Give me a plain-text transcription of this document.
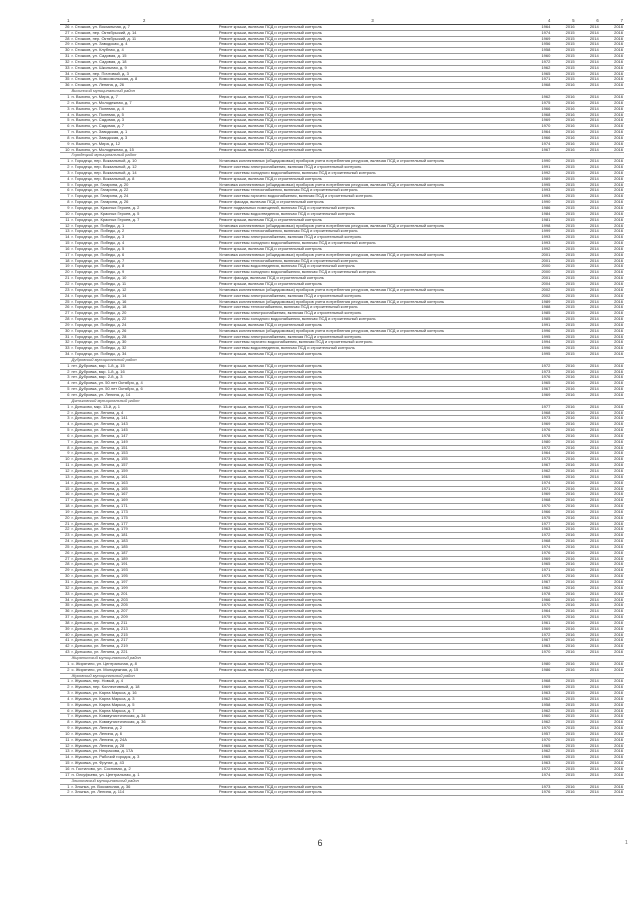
1	2	3	4	5	6	7
26	г. Стожков, ул. Вокзальная, д. 7	Ремонт крыши, включая ПСД и строительный контроль	1964	2016	2014	2016
27	г. Стожков, пер. Октябрьский, д. 14	Ремонт крыши, включая ПСД и строительный контроль	1974	2015	2014	2016
28	г. Стожков, пер. Октябрьский, д. 11	Ремонт крыши, включая ПСД и строительный контроль	1969	2015	2014	2016
29	г. Стожков, ул. Заводская, д. 4	Ремонт крыши, включая ПСД и строительный контроль	1956	2015	2014	2016
30	г. Стожков, ул. Клубная, д. 4	Ремонт крыши, включая ПСД и строительный контроль	1958	2015	2014	2016
31	г. Стожков, ул. Садовая, д. 15	Ремонт крыши, включая ПСД и строительный контроль	1960	2015	2014	2016
32	г. Стожков, ул. Садовая, д. 18	Ремонт крыши, включая ПСД и строительный контроль	1972	2015	2014	2016
33	г. Стожков, ул. Школьная, д. 9	Ремонт крыши, включая ПСД и строительный контроль	1962	2015	2014	2016
34	г. Стожков, пер. Почтовый, д. 3	Ремонт крыши, включая ПСД и строительный контроль	1965	2015	2014	2016
35	г. Стожков, ул. Комсомольская, д. 8	Ремонт крыши, включая ПСД и строительный контроль	1971	2015	2014	2016
36	г. Стожков, ул. Ленина, д. 26	Ремонт крыши, включая ПСД и строительный контроль	1968	2016	2014	2016
	Выхинский муниципальный район					
1	п. Выхино, ул. Мира, д. 7	Ремонт крыши, включая ПСД и строительный контроль	1962	2016	2014	2016
2	п. Выхино, ул. Молодежная, д. 7	Ремонт крыши, включая ПСД и строительный контроль	1975	2016	2014	2016
3	п. Выхино, ул. Полевая, д. 4	Ремонт крыши, включая ПСД и строительный контроль	1966	2016	2014	2016
4	п. Выхино, ул. Полевая, д. 5	Ремонт крыши, включая ПСД и строительный контроль	1968	2016	2014	2016
5	п. Выхино, ул. Садовая, д. 3	Ремонт крыши, включая ПСД и строительный контроль	1969	2016	2014	2016
6	п. Выхино, ул. Садовая, д. 7	Ремонт крыши, включая ПСД и строительный контроль	1970	2016	2014	2016
7	п. Выхино, ул. Заводская, д. 1	Ремонт крыши, включая ПСД и строительный контроль	1964	2016	2014	2016
8	п. Выхино, ул. Заводская, д. 3	Ремонт крыши, включая ПСД и строительный контроль	1966	2016	2014	2016
9	п. Выхино, ул. Мира, д. 12	Ремонт крыши, включая ПСД и строительный контроль	1974	2016	2014	2016
10	п. Выхино, ул. Молодежная, д. 15	Ремонт крыши, включая ПСД и строительный контроль	1967	2016	2014	2016
	Городецкий муниципальный район					
1	г. Городецк, пер. Вокзальный, д. 10	Установка коллективных (общедомовых) приборов учета потребления ресурсов, включая ПСД и строительный контроль	1990	2015	2014	2016
2	г. Городецк, пер. Вокзальный, д. 12	Ремонт системы электроснабжения, включая ПСД и строительный контроль	1991	2015	2014	2016
3	г. Городецк, пер. Вокзальный, д. 14	Ремонт системы холодного водоснабжения, включая ПСД и строительный контроль	1992	2015	2014	2016
4	г. Городецк, пер. Вокзальный, д. 8	Ремонт крыши, включая ПСД и строительный контроль	1989	2015	2014	2016
5	г. Городецк, ул. Гагарина, д. 20	Установка коллективных (общедомовых) приборов учета потребления ресурсов, включая ПСД и строительный контроль	1995	2015	2014	2016
6	г. Городецк, ул. Гагарина, д. 22	Ремонт системы теплоснабжения, включая ПСД и строительный контроль	1993	2015	2014	2016
7	г. Городецк, ул. Гагарина, д. 24	Ремонт системы горячего водоснабжения, включая ПСД и строительный контроль	1993	2015	2014	2016
8	г. Городецк, ул. Гагарина, д. 26	Ремонт фасада, включая ПСД и строительный контроль	1990	2015	2014	2016
9	г. Городецк, ул. Красных Героев, д. 2	Ремонт подвальных помещений, включая ПСД и строительный контроль	1986	2015	2014	2016
10	г. Городецк, ул. Красных Героев, д. 5	Ремонт системы водоотведения, включая ПСД и строительный контроль	1984	2015	2014	2016
11	г. Городецк, ул. Красных Героев, д. 7	Ремонт крыши, включая ПСД и строительный контроль	1981	2015	2014	2016
12	г. Городецк, ул. Победы, д. 1	Установка коллективных (общедомовых) приборов учета потребления ресурсов, включая ПСД и строительный контроль	1998	2015	2014	2016
13	г. Городецк, ул. Победы, д. 2	Ремонт системы теплоснабжения, включая ПСД и строительный контроль	1999	2015	2014	2016
14	г. Городецк, ул. Победы, д. 3	Ремонт системы электроснабжения, включая ПСД и строительный контроль	1993	2015	2014	2016
15	г. Городецк, ул. Победы, д. 4	Ремонт системы холодного водоснабжения, включая ПСД и строительный контроль	1993	2015	2014	2016
16	г. Городецк, ул. Победы, д. 5	Ремонт крыши, включая ПСД и строительный контроль	1992	2015	2014	2016
17	г. Городецк, ул. Победы, д. 6	Установка коллективных (общедомовых) приборов учета потребления ресурсов, включая ПСД и строительный контроль	2001	2015	2014	2016
18	г. Городецк, ул. Победы, д. 7	Ремонт системы теплоснабжения, включая ПСД и строительный контроль	2001	2015	2014	2016
19	г. Городецк, ул. Победы, д. 8	Ремонт системы водоотведения, включая ПСД и строительный контроль	2000	2015	2014	2016
20	г. Городецк, ул. Победы, д. 9	Ремонт системы холодного водоснабжения, включая ПСД и строительный контроль	2000	2015	2014	2016
21	г. Городецк, ул. Победы, д. 10	Ремонт фасада, включая ПСД и строительный контроль	2001	2015	2014	2016
22	г. Городецк, ул. Победы, д. 11	Ремонт крыши, включая ПСД и строительный контроль	2004	2015	2014	2016
23	г. Городецк, ул. Победы, д. 12	Установка коллективных (общедомовых) приборов учета потребления ресурсов, включая ПСД и строительный контроль	2002	2015	2014	2016
24	г. Городецк, ул. Победы, д. 14	Ремонт системы электроснабжения, включая ПСД и строительный контроль	2002	2015	2014	2016
25	г. Городецк, ул. Победы, д. 16	Установка коллективных (общедомовых) приборов учета потребления ресурсов, включая ПСД и строительный контроль	1989	2015	2014	2016
26	г. Городецк, ул. Победы, д. 18	Ремонт системы теплоснабжения, включая ПСД и строительный контроль	1988	2015	2014	2016
27	г. Городецк, ул. Победы, д. 20	Ремонт системы электроснабжения, включая ПСД и строительный контроль	1985	2015	2014	2016
28	г. Городецк, ул. Победы, д. 22	Ремонт системы холодного водоснабжения, включая ПСД и строительный контроль	1985	2015	2014	2016
29	г. Городецк, ул. Победы, д. 24	Ремонт крыши, включая ПСД и строительный контроль	1991	2015	2014	2016
30	г. Городецк, ул. Победы, д. 26	Установка коллективных (общедомовых) приборов учета потребления ресурсов, включая ПСД и строительный контроль	1996	2015	2014	2016
31	г. Городецк, ул. Победы, д. 28	Ремонт системы электроснабжения, включая ПСД и строительный контроль	1995	2015	2014	2016
32	г. Городецк, ул. Победы, д. 30	Ремонт системы горячего водоснабжения, включая ПСД и строительный контроль	1994	2015	2014	2016
33	г. Городецк, ул. Победы, д. 32	Ремонт системы водоотведения, включая ПСД и строительный контроль	1996	2015	2014	2016
34	г. Городецк, ул. Победы, д. 34	Ремонт крыши, включая ПСД и строительный контроль	1995	2015	2014	2016
	Дубровский муниципальный район					
1	пгт. Дубровка, мкр. 1-й, д. 15	Ремонт крыши, включая ПСД и строительный контроль	1972	2016	2014	2016
2	пгт. Дубровка, мкр. 1-й, д. 16	Ремонт крыши, включая ПСД и строительный контроль	1973	2016	2014	2016
3	пгт. Дубровка, мкр. 2-й, д. 3	Ремонт крыши, включая ПСД и строительный контроль	1976	2016	2014	2016
4	пгт. Дубровка, ул. 50 лет Октября, д. 4	Ремонт крыши, включая ПСД и строительный контроль	1965	2016	2014	2016
5	пгт. Дубровка, ул. 50 лет Октября, д. 6	Ремонт крыши, включая ПСД и строительный контроль	1967	2016	2014	2016
6	пгт. Дубровка, ул. Ленина, д. 14	Ремонт крыши, включая ПСД и строительный контроль	1969	2016	2014	2016
	Дятьковский муниципальный район					
1	г. Дятьково, мкр. 13-й, д. 1	Ремонт крыши, включая ПСД и строительный контроль	1977	2016	2014	2016
2	г. Дятьково, ул. Ленина, д. 4	Ремонт крыши, включая ПСД и строительный контроль	1968	2016	2014	2016
3	г. Дятьково, ул. Ленина, д. 141	Ремонт крыши, включая ПСД и строительный контроль	1973	2016	2014	2016
4	г. Дятьково, ул. Ленина, д. 143	Ремонт крыши, включая ПСД и строительный контроль	1969	2016	2014	2016
5	г. Дятьково, ул. Ленина, д. 145	Ремонт крыши, включая ПСД и строительный контроль	1976	2016	2014	2016
6	г. Дятьково, ул. Ленина, д. 147	Ремонт крыши, включая ПСД и строительный контроль	1978	2016	2014	2016
7	г. Дятьково, ул. Ленина, д. 149	Ремонт крыши, включая ПСД и строительный контроль	1980	2016	2014	2016
8	г. Дятьково, ул. Ленина, д. 151	Ремонт крыши, включая ПСД и строительный контроль	1972	2016	2014	2016
9	г. Дятьково, ул. Ленина, д. 153	Ремонт крыши, включая ПСД и строительный контроль	1964	2016	2014	2016
10	г. Дятьково, ул. Ленина, д. 155	Ремонт крыши, включая ПСД и строительный контроль	1973	2016	2014	2016
11	г. Дятьково, ул. Ленина, д. 157	Ремонт крыши, включая ПСД и строительный контроль	1967	2016	2014	2016
12	г. Дятьково, ул. Ленина, д. 159	Ремонт крыши, включая ПСД и строительный контроль	1962	2016	2014	2016
13	г. Дятьково, ул. Ленина, д. 161	Ремонт крыши, включая ПСД и строительный контроль	1965	2016	2014	2016
14	г. Дятьково, ул. Ленина, д. 163	Ремонт крыши, включая ПСД и строительный контроль	1974	2016	2014	2016
15	г. Дятьково, ул. Ленина, д. 165	Ремонт крыши, включая ПСД и строительный контроль	1971	2016	2014	2016
16	г. Дятьково, ул. Ленина, д. 167	Ремонт крыши, включая ПСД и строительный контроль	1969	2016	2014	2016
17	г. Дятьково, ул. Ленина, д. 169	Ремонт крыши, включая ПСД и строительный контроль	1968	2016	2014	2016
18	г. Дятьково, ул. Ленина, д. 171	Ремонт крыши, включая ПСД и строительный контроль	1970	2016	2014	2016
19	г. Дятьково, ул. Ленина, д. 173	Ремонт крыши, включая ПСД и строительный контроль	1966	2016	2014	2016
20	г. Дятьково, ул. Ленина, д. 175	Ремонт крыши, включая ПСД и строительный контроль	1975	2016	2014	2016
21	г. Дятьково, ул. Ленина, д. 177	Ремонт крыши, включая ПСД и строительный контроль	1977	2016	2014	2016
22	г. Дятьково, ул. Ленина, д. 179	Ремонт крыши, включая ПСД и строительный контроль	1963	2016	2014	2016
23	г. Дятьково, ул. Ленина, д. 181	Ремонт крыши, включая ПСД и строительный контроль	1972	2016	2014	2016
24	г. Дятьково, ул. Ленина, д. 183	Ремонт крыши, включая ПСД и строительный контроль	1968	2016	2014	2016
25	г. Дятьково, ул. Ленина, д. 185	Ремонт крыши, включая ПСД и строительный контроль	1974	2016	2014	2016
26	г. Дятьково, ул. Ленина, д. 187	Ремонт крыши, включая ПСД и строительный контроль	1976	2016	2014	2016
27	г. Дятьково, ул. Ленина, д. 189	Ремонт крыши, включая ПСД и строительный контроль	1969	2016	2014	2016
28	г. Дятьково, ул. Ленина, д. 191	Ремонт крыши, включая ПСД и строительный контроль	1965	2016	2014	2016
29	г. Дятьково, ул. Ленина, д. 193	Ремонт крыши, включая ПСД и строительный контроль	1971	2016	2014	2016
30	г. Дятьково, ул. Ленина, д. 195	Ремонт крыши, включая ПСД и строительный контроль	1973	2016	2014	2016
31	г. Дятьково, ул. Ленина, д. 197	Ремонт крыши, включая ПСД и строительный контроль	1967	2016	2014	2016
32	г. Дятьково, ул. Ленина, д. 199	Ремонт крыши, включая ПСД и строительный контроль	1962	2016	2014	2016
33	г. Дятьково, ул. Ленина, д. 201	Ремонт крыши, включая ПСД и строительный контроль	1978	2016	2014	2016
34	г. Дятьково, ул. Ленина, д. 203	Ремонт крыши, включая ПСД и строительный контроль	1966	2016	2014	2016
35	г. Дятьково, ул. Ленина, д. 205	Ремонт крыши, включая ПСД и строительный контроль	1970	2016	2014	2016
36	г. Дятьково, ул. Ленина, д. 207	Ремонт крыши, включая ПСД и строительный контроль	1964	2016	2014	2016
37	г. Дятьково, ул. Ленина, д. 209	Ремонт крыши, включая ПСД и строительный контроль	1975	2016	2014	2016
38	г. Дятьково, ул. Ленина, д. 211	Ремонт крыши, включая ПСД и строительный контроль	1961	2016	2014	2016
39	г. Дятьково, ул. Ленина, д. 213	Ремонт крыши, включая ПСД и строительный контроль	1969	2016	2014	2016
40	г. Дятьково, ул. Ленина, д. 215	Ремонт крыши, включая ПСД и строительный контроль	1972	2016	2014	2016
41	г. Дятьково, ул. Ленина, д. 217	Ремонт крыши, включая ПСД и строительный контроль	1967	2016	2014	2016
42	г. Дятьково, ул. Ленина, д. 219	Ремонт крыши, включая ПСД и строительный контроль	1963	2016	2014	2016
43	г. Дятьково, ул. Ленина, д. 221	Ремонт крыши, включая ПСД и строительный контроль	1970	2016	2014	2016
	Жирятинский муниципальный район					
1	с. Жирятино, ул. Центральная, д. 8	Ремонт крыши, включая ПСД и строительный контроль	1980	2016	2014	2016
2	с. Жирятино, ул. Молодежная, д. 15	Ремонт крыши, включая ПСД и строительный контроль	1986	2016	2014	2016
	Жуковский муниципальный район					
1	г. Жуковка, пер. Новый, д. 4	Ремонт крыши, включая ПСД и строительный контроль	1968	2015	2014	2016
2	г. Жуковка, пер. Коллективный, д. 18	Ремонт крыши, включая ПСД и строительный контроль	1969	2015	2014	2016
3	г. Жуковка, ул. Карла Маркса, д. 16	Ремонт крыши, включая ПСД и строительный контроль	1963	2015	2014	2016
4	г. Жуковка, ул. Карла Маркса, д. 3	Ремонт крыши, включая ПСД и строительный контроль	1962	2015	2014	2016
5	г. Жуковка, ул. Карла Маркса, д. 5	Ремонт крыши, включая ПСД и строительный контроль	1958	2015	2014	2016
6	г. Жуковка, ул. Карла Маркса, д. 7	Ремонт крыши, включая ПСД и строительный контроль	1962	2015	2014	2016
7	г. Жуковка, ул. Коммунистическая, д. 34	Ремонт крыши, включая ПСД и строительный контроль	1960	2015	2014	2016
8	г. Жуковка, ул. Коммунистическая, д. 36	Ремонт крыши, включая ПСД и строительный контроль	1962	2015	2014	2016
9	г. Жуковка, ул. Ленина, д. 2	Ремонт крыши, включая ПСД и строительный контроль	1970	2015	2014	2016
10	г. Жуковка, ул. Ленина, д. 6	Ремонт крыши, включая ПСД и строительный контроль	1957	2015	2014	2016
11	г. Жуковка, ул. Ленина, д. 24А	Ремонт крыши, включая ПСД и строительный контроль	1970	2015	2014	2016
12	г. Жуковка, ул. Ленина, д. 28	Ремонт крыши, включая ПСД и строительный контроль	1965	2015	2014	2016
13	г. Жуковка, ул. Некрасова, д. 17А	Ремонт крыши, включая ПСД и строительный контроль	1962	2015	2014	2016
14	г. Жуковка, ул. Рабочий городок, д. 3	Ремонт крыши, включая ПСД и строительный контроль	1965	2015	2014	2016
15	г. Жуковка, ул. Фрунзе, д. 43	Ремонт крыши, включая ПСД и строительный контроль	1963	2015	2014	2016
16	п. Гостилово, ул. Сосновая, д. 2	Ремонт крыши, включая ПСД и строительный контроль	1972	2015	2014	2016
17	п. Олсуфьево, ул. Центральная, д. 1	Ремонт крыши, включая ПСД и строительный контроль	1974	2015	2014	2016
	Злынковский муниципальный район					
1	г. Злынка, ул. Вокзальная, д. 36	Ремонт крыши, включая ПСД и строительный контроль	1973	2016	2014	2016
2	г. Злынка, ул. Ленина, д. 114	Ремонт крыши, включая ПСД и строительный контроль	1976	2016	2014	2016
6	1
